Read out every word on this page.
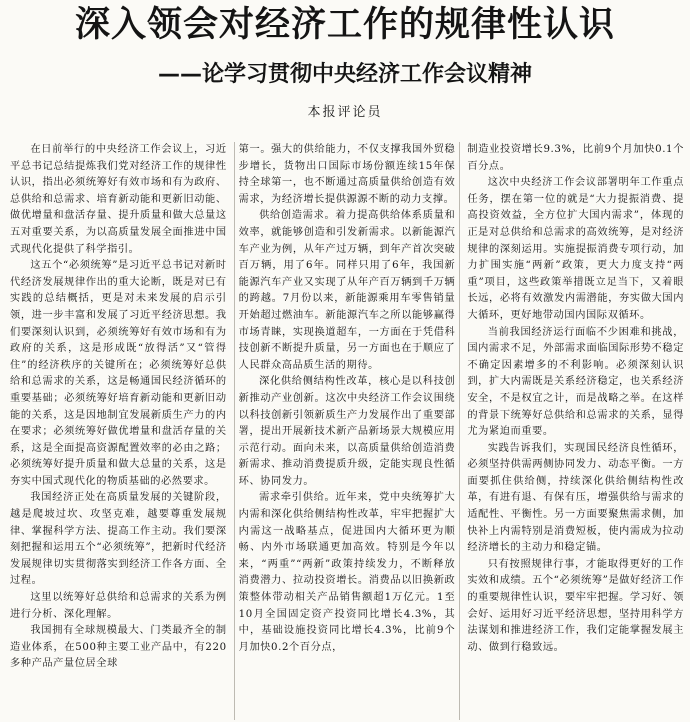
深入领会对经济工作的规律性认识
——论学习贯彻中央经济工作会议精神
本报评论员

在日前举行的中央经济工作会议上，习近平总书记总结提炼我们党对经济工作的规律性认识，指出必须统筹好有效市场和有为政府、总供给和总需求、培育新动能和更新旧动能、做优增量和盘活存量、提升质量和做大总量这五对重要关系，为以高质量发展全面推进中国式现代化提供了科学指引。

这五个“必须统筹”是习近平总书记对新时代经济发展规律作出的重大论断，既是对已有实践的总结概括，更是对未来发展的启示引领，进一步丰富和发展了习近平经济思想。我们要深刻认识到，必须统筹好有效市场和有为政府的关系，这是形成既“放得活”又“管得住”的经济秩序的关键所在；必须统筹好总供给和总需求的关系，这是畅通国民经济循环的重要基础；必须统筹好培育新动能和更新旧动能的关系，这是因地制宜发展新质生产力的内在要求；必须统筹好做优增量和盘活存量的关系，这是全面提高资源配置效率的必由之路；必须统筹好提升质量和做大总量的关系，这是夯实中国式现代化的物质基础的必然要求。

我国经济正处在高质量发展的关键阶段，越是爬坡过坎、攻坚克难，越要尊重发展规律、掌握科学方法、提高工作主动。我们要深刻把握和运用五个“必须统筹”，把新时代经济发展规律切实贯彻落实到经济工作各方面、全过程。

这里以统筹好总供给和总需求的关系为例进行分析、深化理解。

我国拥有全球规模最大、门类最齐全的制造业体系，在500种主要工业产品中，有220多种产品产量位居全球

第一。强大的供给能力，不仅支撑我国外贸稳步增长，货物出口国际市场份额连续15年保持全球第一，也不断通过高质量供给创造有效需求，为经济增长提供源源不断的动力支撑。

供给创造需求。着力提高供给体系质量和效率，就能够创造和引发新需求。以新能源汽车产业为例，从年产过万辆，到年产首次突破百万辆，用了6年。同样只用了6年，我国新能源汽车产业又实现了从年产百万辆到千万辆的跨越。7月份以来，新能源乘用车零售销量开始超过燃油车。新能源汽车之所以能够赢得市场青睐，实现换道超车，一方面在于凭借科技创新不断提升质量，另一方面也在于顺应了人民群众高品质生活的期待。

深化供给侧结构性改革，核心是以科技创新推动产业创新。这次中央经济工作会议围绕以科技创新引领新质生产力发展作出了重要部署，提出开展新技术新产品新场景大规模应用示范行动。面向未来，以高质量供给创造消费新需求、推动消费提质升级，定能实现良性循环、协同发力。

需求牵引供给。近年来，党中央统筹扩大内需和深化供给侧结构性改革，牢牢把握扩大内需这一战略基点，促进国内大循环更为顺畅、内外市场联通更加高效。特别是今年以来，“两重”“两新”政策持续发力，不断释放消费潜力、拉动投资增长。消费品以旧换新政策整体带动相关产品销售额超1万亿元。1至10月全国固定资产投资同比增长4.3%，其中，基础设施投资同比增长4.3%，比前9个月加快0.2个百分点，

制造业投资增长9.3%，比前9个月加快0.1个百分点。

这次中央经济工作会议部署明年工作重点任务，摆在第一位的就是“大力提振消费、提高投资效益，全方位扩大国内需求”，体现的正是对总供给和总需求的高效统筹，是对经济规律的深刻运用。实施提振消费专项行动，加力扩围实施“两新”政策，更大力度支持“两重”项目，这些政策举措既立足当下，又着眼长远，必将有效激发内需潜能，夯实做大国内大循环，更好地带动国内国际双循环。

当前我国经济运行面临不少困难和挑战，国内需求不足，外部需求面临国际形势不稳定不确定因素增多的不利影响。必须深刻认识到，扩大内需既是关系经济稳定，也关系经济安全，不是权宜之计，而是战略之举。在这样的背景下统筹好总供给和总需求的关系，显得尤为紧迫而重要。

实践告诉我们，实现国民经济良性循环，必须坚持供需两侧协同发力、动态平衡。一方面要抓住供给侧，持续深化供给侧结构性改革，有进有退、有保有压，增强供给与需求的适配性、平衡性。另一方面要聚焦需求侧，加快补上内需特别是消费短板，使内需成为拉动经济增长的主动力和稳定锚。

只有按照规律行事，才能取得更好的工作实效和成绩。五个“必须统筹”是做好经济工作的重要规律性认识，要牢牢把握。学习好、领会好、运用好习近平经济思想，坚持用科学方法谋划和推进经济工作，我们定能掌握发展主动、做到行稳致远。
